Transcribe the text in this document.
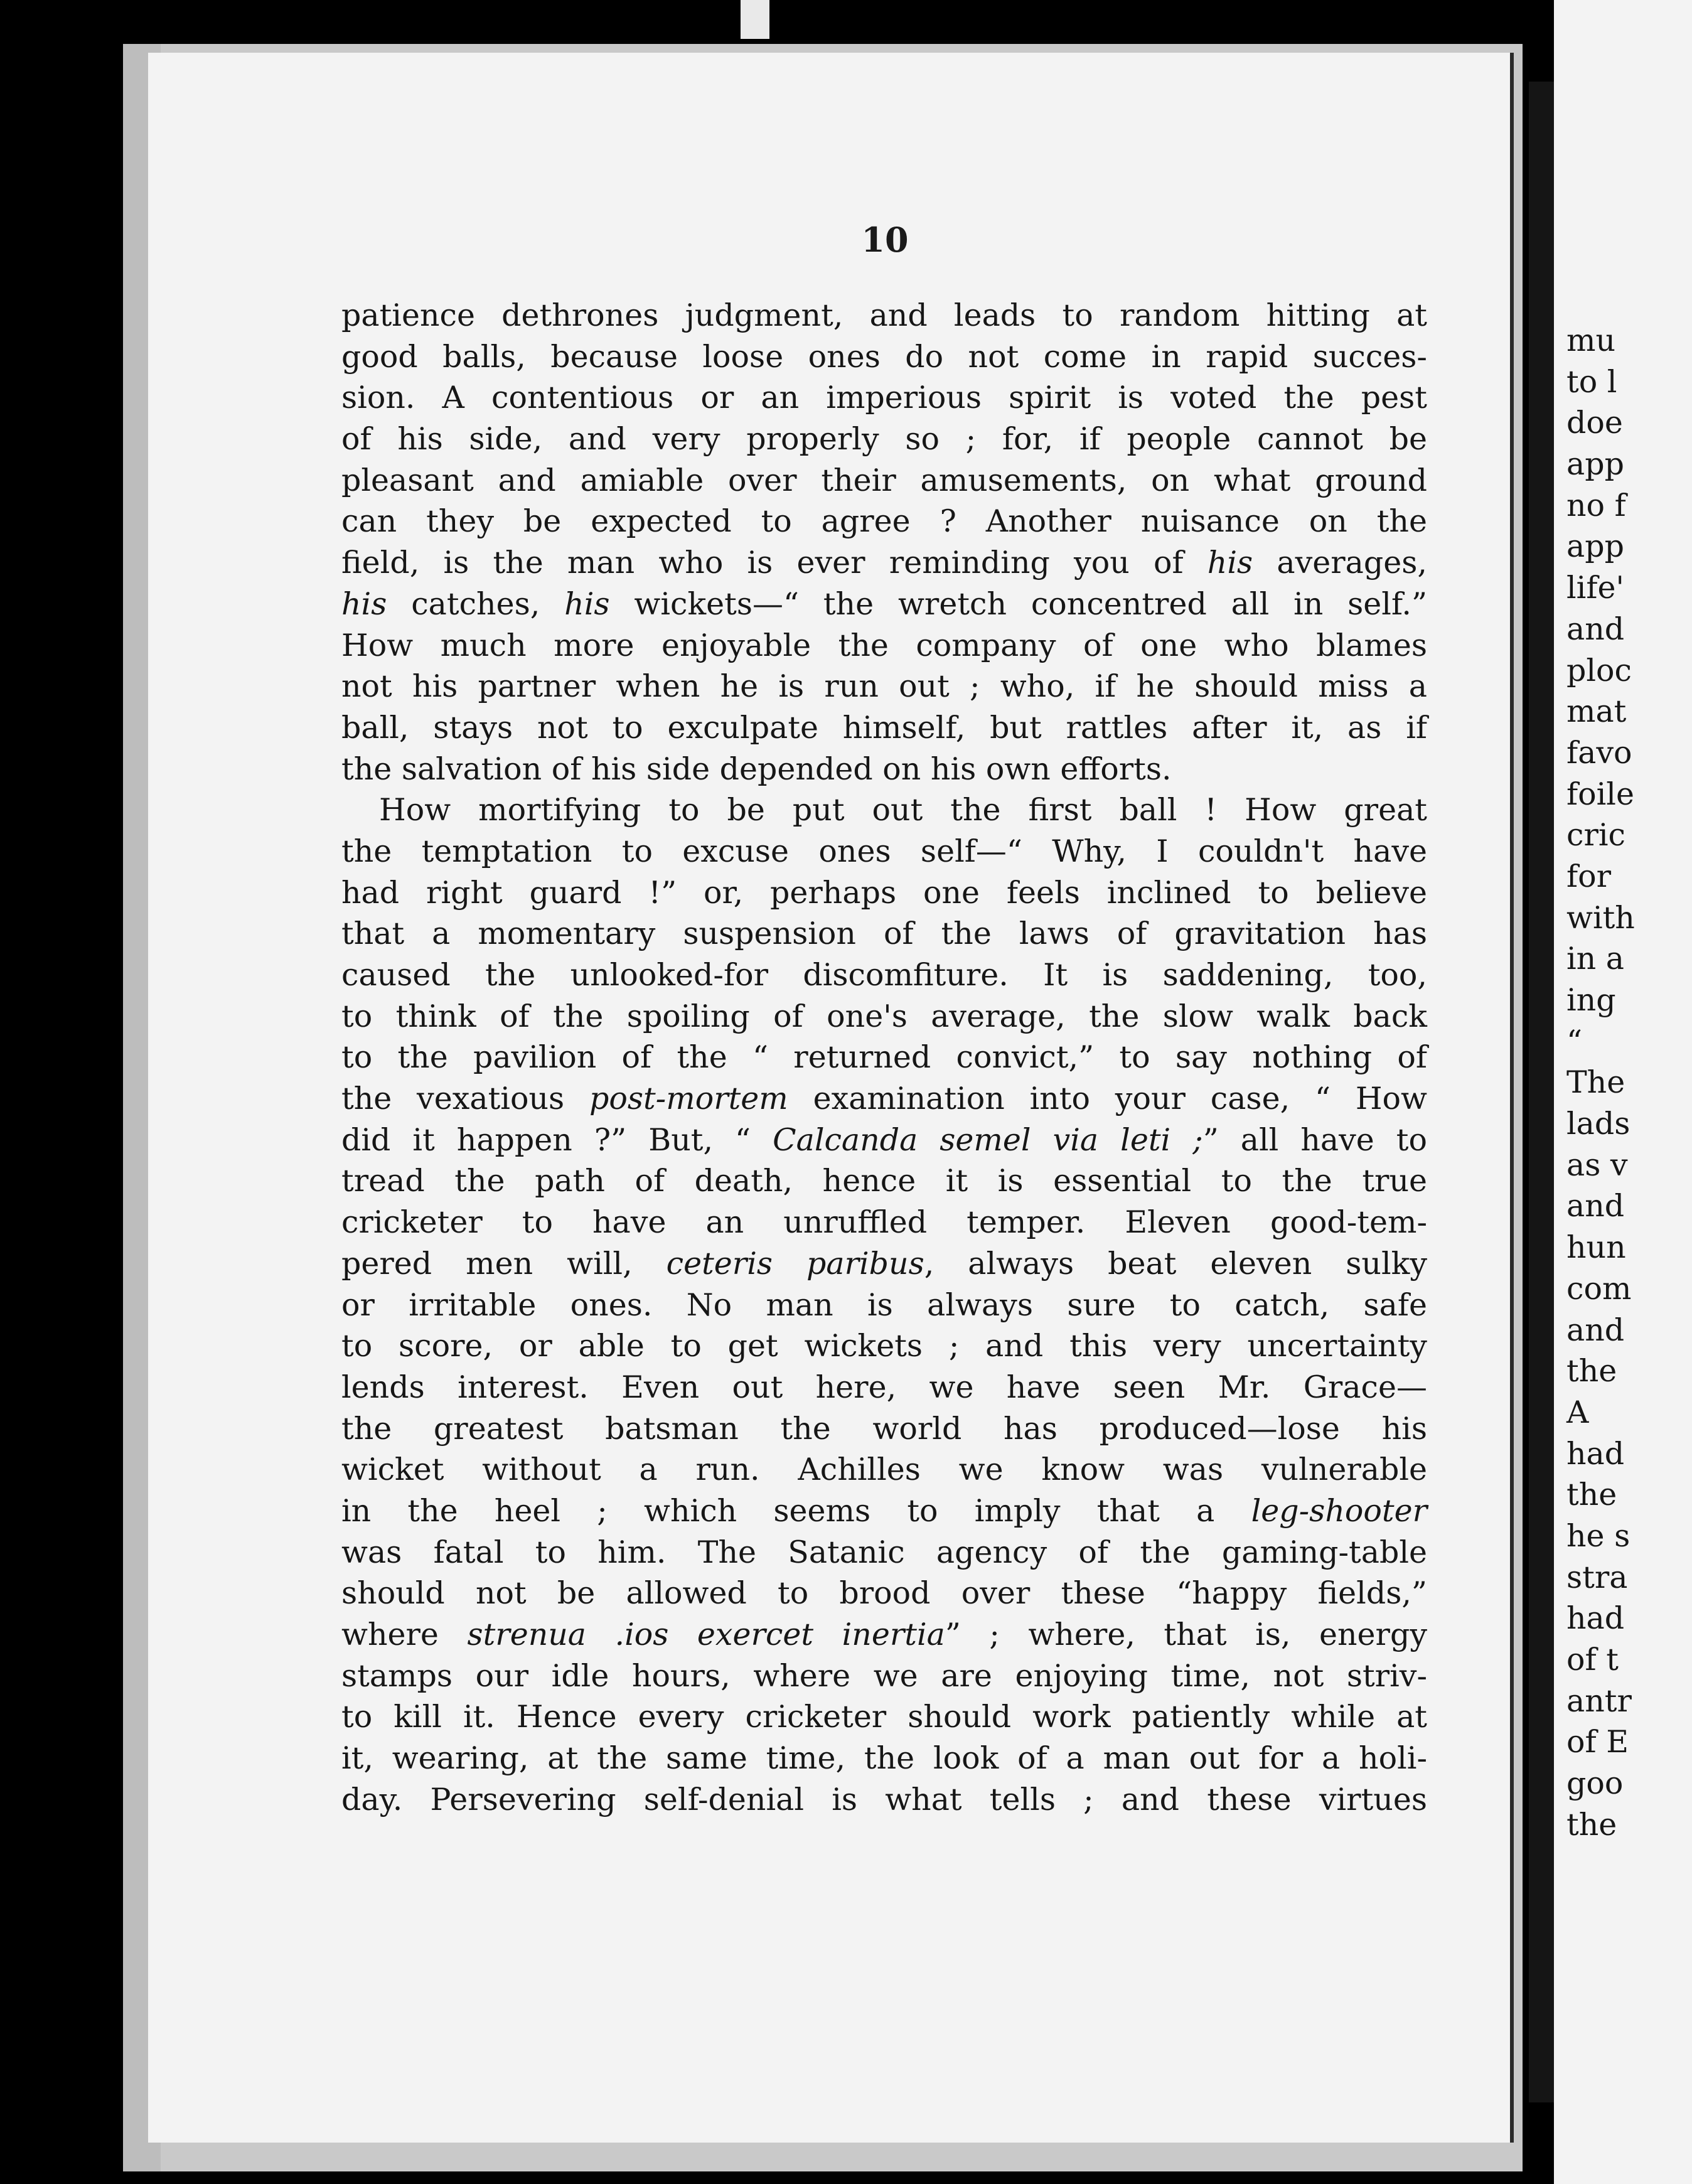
mu
to l
doe
app
no f
app
life'
and
ploc
mat
favo
foile
cric
for
with
in a
ing
“
The
lads
as v
and
hun
com
and
the
A
had
the
he s
stra
had
of t
antr
of E
goo
the
10
patience dethrones judgment, and leads to random hitting at
good balls, because loose ones do not come in rapid succes-
sion. A contentious or an imperious spirit is voted the pest
of his side, and very properly so ; for, if people cannot be
pleasant and amiable over their amusements, on what ground
can they be expected to agree ? Another nuisance on the
field, is the man who is ever reminding you of his averages,
his catches, his wickets—“ the wretch concentred all in self.”
How much more enjoyable the company of one who blames
not his partner when he is run out ; who, if he should miss a
ball, stays not to exculpate himself, but rattles after it, as if
the salvation of his side depended on his own efforts.
How mortifying to be put out the first ball ! How great
the temptation to excuse ones self—“ Why, I couldn't have
had right guard !” or, perhaps one feels inclined to believe
that a momentary suspension of the laws of gravitation has
caused the unlooked-for discomfiture. It is saddening, too,
to think of the spoiling of one's average, the slow walk back
to the pavilion of the “ returned convict,” to say nothing of
the vexatious post-mortem examination into your case, “ How
did it happen ?” But, “ Calcanda semel via leti ;” all have to
tread the path of death, hence it is essential to the true
cricketer to have an unruffled temper. Eleven good-tem-
pered men will, ceteris paribus, always beat eleven sulky
or irritable ones. No man is always sure to catch, safe
to score, or able to get wickets ; and this very uncertainty
lends interest. Even out here, we have seen Mr. Grace—
the greatest batsman the world has produced—lose his
wicket without a run. Achilles we know was vulnerable
in the heel ; which seems to imply that a leg-shooter
was fatal to him. The Satanic agency of the gaming-table
should not be allowed to brood over these “happy fields,”
where strenua .ios exercet inertia” ; where, that is, energy
stamps our idle hours, where we are enjoying time, not striv-
to kill it. Hence every cricketer should work patiently while at
it, wearing, at the same time, the look of a man out for a holi-
day. Persevering self-denial is what tells ; and these virtues
